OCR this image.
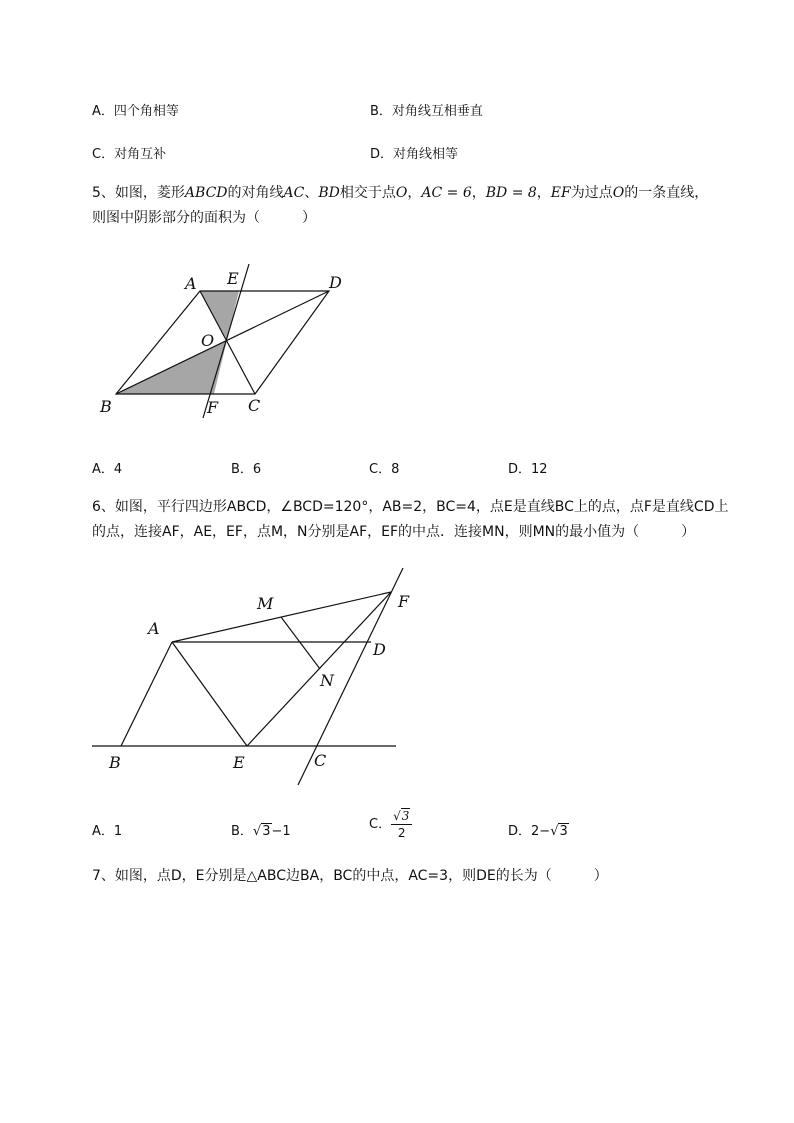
A．四个角相等	B．对角线互相垂直
C．对角互补	D．对角线相等
5、如图，菱形ABCD的对角线AC、BD相交于点O，AC = 6，BD = 8，EF为过点O的一条直线，
则图中阴影部分的面积为（　　　）
A E	D
O
B	F C
A．4	B．6	C．8	D．12
6、如图，平行四边形ABCD，∠BCD=120°，AB=2，BC=4，点E是直线BC上的点，点F是直线CD上
的点，连接AF，AE，EF，点M，N分别是AF，EF的中点．连接MN，则MN的最小值为（　　　）
M	F
A
D
N
B	E	C
A．1	B．√3−1	C． $\frac{√3}{2}$	D．2−√3
7、如图，点D，E分别是△ABC边BA，BC的中点，AC=3，则DE的长为（　　　）
